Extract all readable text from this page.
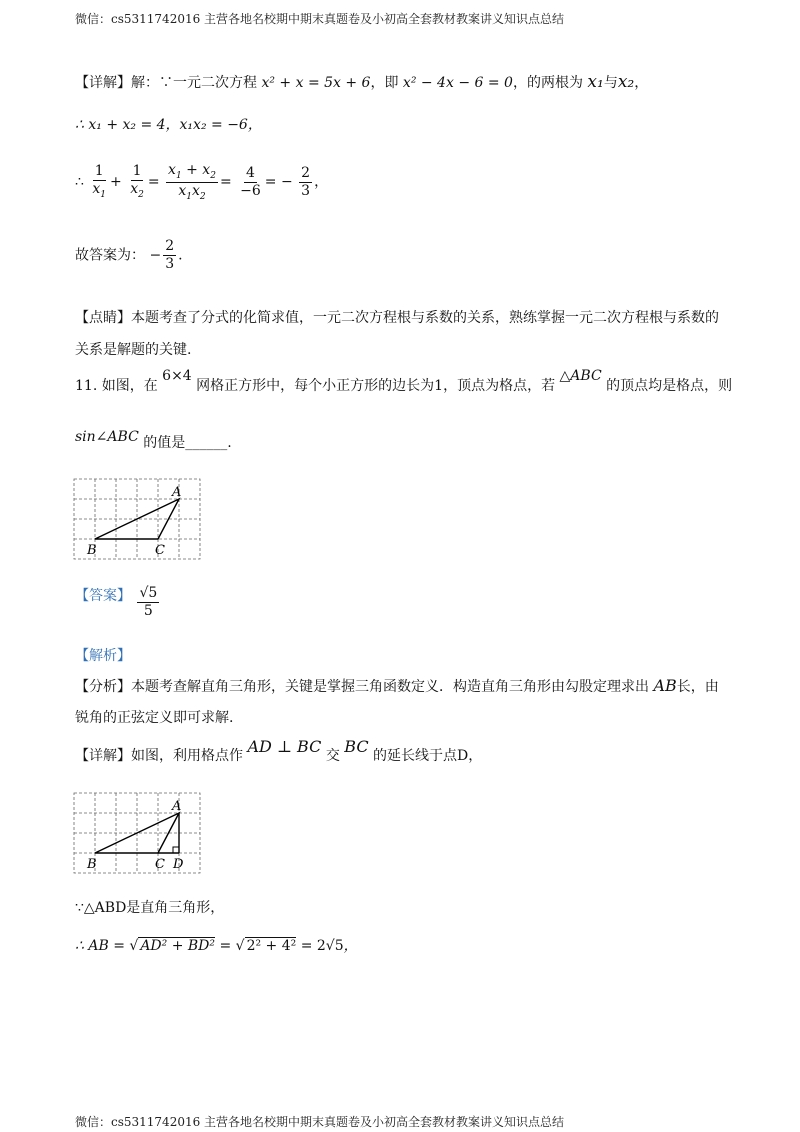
微信：cs5311742016 主营各地名校期中期末真题卷及小初高全套教材教案讲义知识点总结
【详解】解：∵一元二次方程 x² + x = 5x + 6，即 x² − 4x − 6 = 0，的两根为 x₁与x₂，
∴ x₁ + x₂ = 4，x₁x₂ = −6，
∴ $\frac{1}{x_1} + \frac{1}{x_2} = \frac{x_1 + x_2}{x_1x_2} = \frac{4}{-6}$ = − $\frac{2}{3}$ ，
故答案为： − $\frac{2}{3}$ .
【点睛】本题考查了分式的化简求值，一元二次方程根与系数的关系，熟练掌握一元二次方程根与系数的
关系是解题的关键.
11. 如图，在 6×4 网格正方形中，每个小正方形的边长为1，顶点为格点，若 △ABC 的顶点均是格点，则
sin∠ABC 的值是______.
A
B	C
【答案】 $\frac{√5}{5}$
【解析】
【分析】本题考查解直角三角形，关键是掌握三角函数定义．构造直角三角形由勾股定理求出 AB长，由
锐角的正弦定义即可求解.
【详解】如图，利用格点作 AD ⊥ BC 交 BC 的延长线于点D，
A
B	C D
∵△ABD是直角三角形，
∴ AB = √ AD² + BD² = √ 2² + 4² = 2√5，
微信：cs5311742016 主营各地名校期中期末真题卷及小初高全套教材教案讲义知识点总结
